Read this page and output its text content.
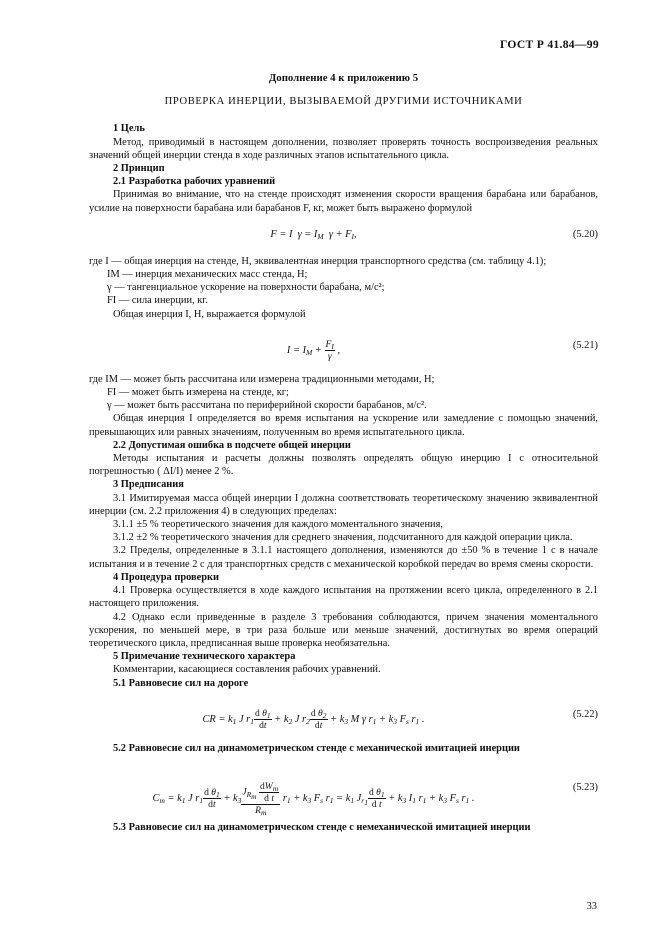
ГОСТ Р 41.84—99
Дополнение 4 к приложению 5
ПРОВЕРКА ИНЕРЦИИ, ВЫЗЫВАЕМОЙ ДРУГИМИ ИСТОЧНИКАМИ

1 Цель

Метод, приводимый в настоящем дополнении, позволяет проверять точность воспроизведения реальных значений общей инерции стенда в ходе различных этапов испытательного цикла.

2 Принцип

2.1 Разработка рабочих уравнений

Принимая во внимание, что на стенде происходят изменения скорости вращения барабана или барабанов, усилие на поверхности барабана или барабанов F, кг, может быть выражено формулой

F = I  $\gamma = I_M$  $\gamma + F_I$,	(5.20)

где I — общая инерция на стенде, Н, эквивалентная инерция транспортного средства (см. таблицу 4.1);

IM — инерция механических масс стенда, Н;

γ — тангенциальное ускорение на поверхности барабана, м/с²;

FI — сила инерции, кг.

Общая инерция I, Н, выражается формулой

$I = I_M + \frac{F_I}{\gamma}$ ,	(5.21)

где IM — может быть рассчитана или измерена традиционными методами, Н;

FI — может быть измерена на стенде, кг;

γ — может быть рассчитана по периферийной скорости барабанов, м/с².

Общая инерция I определяется во время испытания на ускорение или замедление с помощью значений, превышающих или равных значениям, полученным во время испытательного цикла.

2.2 Допустимая ошибка в подсчете общей инерции

Методы испытания и расчеты должны позволять определять общую инерцию I с относительной погрешностью ( ΔI/I) менее 2 %.

3 Предписания

3.1 Имитируемая масса общей инерции I должна соответствовать теоретическому значению эквивалентной инерции (см. 2.2 приложения 4) в следующих пределах:

3.1.1 ±5 % теоретического значения для каждого моментального значения,

3.1.2 ±2 % теоретического значения для среднего значения, подсчитанного для каждой операции цикла.

3.2 Пределы, определенные в 3.1.1 настоящего дополнения, изменяются до ±50 % в течение 1 с в начале испытания и в течение 2 с для транспортных средств с механической коробкой передач во время смены скорости.

4 Процедура проверки

4.1 Проверка осуществляется в ходе каждого испытания на протяжении всего цикла, определенного в 2.1 настоящего приложения.

4.2 Однако если приведенные в разделе 3 требования соблюдаются, причем значения моментального ускорения, по меньшей мере, в три раза больше или меньше значений, достигнутых во время операций теоретического цикла, предписанная выше проверка необязательна.

5 Примечание технического характера

Комментарии, касающиеся составления рабочих уравнений.

5.1 Равновесие сил на дороге

CR = $k_1$ J $r_1 \frac{d \theta_1}{dt} + k_2$ J $r_2 \frac{d \theta_2}{dt} + k_3$ M γ $r_1 + k_3$ $F_s$ $r_1$ .	(5.22)

5.2 Равновесие сил на динамометрическом стенде с механической имитацией инерции

$C_m = k_1$ J $r_1 \frac{d \theta_1}{dt} + k_3 \frac{J_{R_m} \frac{dW_m}{\text{d t}}}{R_m} r_1 + k_3$ $F_s$ $r_1 = k_1$ $J_{r_1} \frac{d \theta_1}{\text{d t}} + k_3$ $I_1$ $r_1 + k_3$ $F_s$ $r_1$ .
(5.23)

5.3 Равновесие сил на динамометрическом стенде с немеханической имитацией инерции

33
